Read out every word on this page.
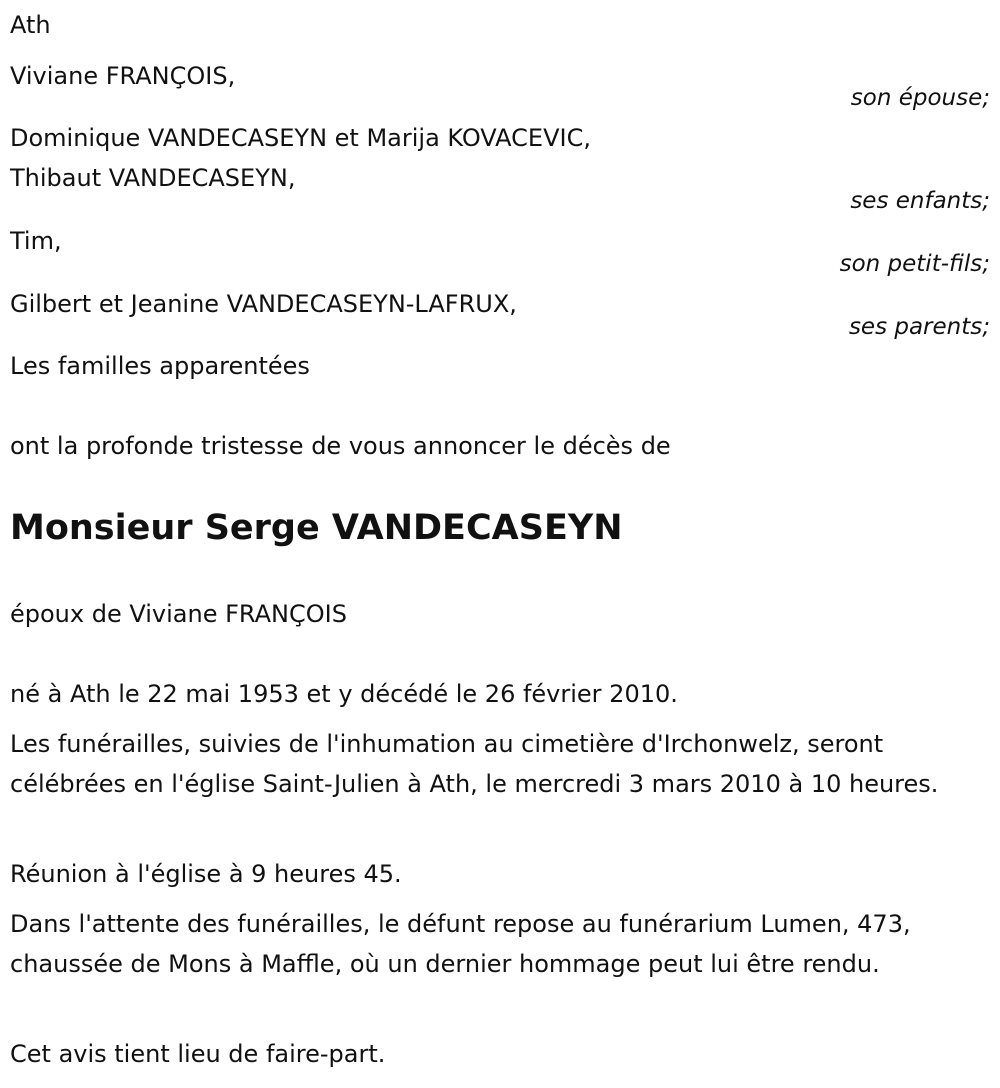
Ath
Viviane FRANÇOIS,
son épouse;
Dominique VANDECASEYN et Marija KOVACEVIC,
Thibaut VANDECASEYN,
ses enfants;
Tim,
son petit-fils;
Gilbert et Jeanine VANDECASEYN-LAFRUX,
ses parents;
Les familles apparentées
ont la profonde tristesse de vous annoncer le décès de
Monsieur Serge VANDECASEYN
époux de Viviane FRANÇOIS
né à Ath le 22 mai 1953 et y décédé le 26 février 2010.
Les funérailles, suivies de l'inhumation au cimetière d'Irchonwelz, seront célébrées en l'église Saint-Julien à Ath, le mercredi 3 mars 2010 à 10 heures.
Réunion à l'église à 9 heures 45.
Dans l'attente des funérailles, le défunt repose au funérarium Lumen, 473, chaussée de Mons à Maffle, où un dernier hommage peut lui être rendu.
Cet avis tient lieu de faire-part.
